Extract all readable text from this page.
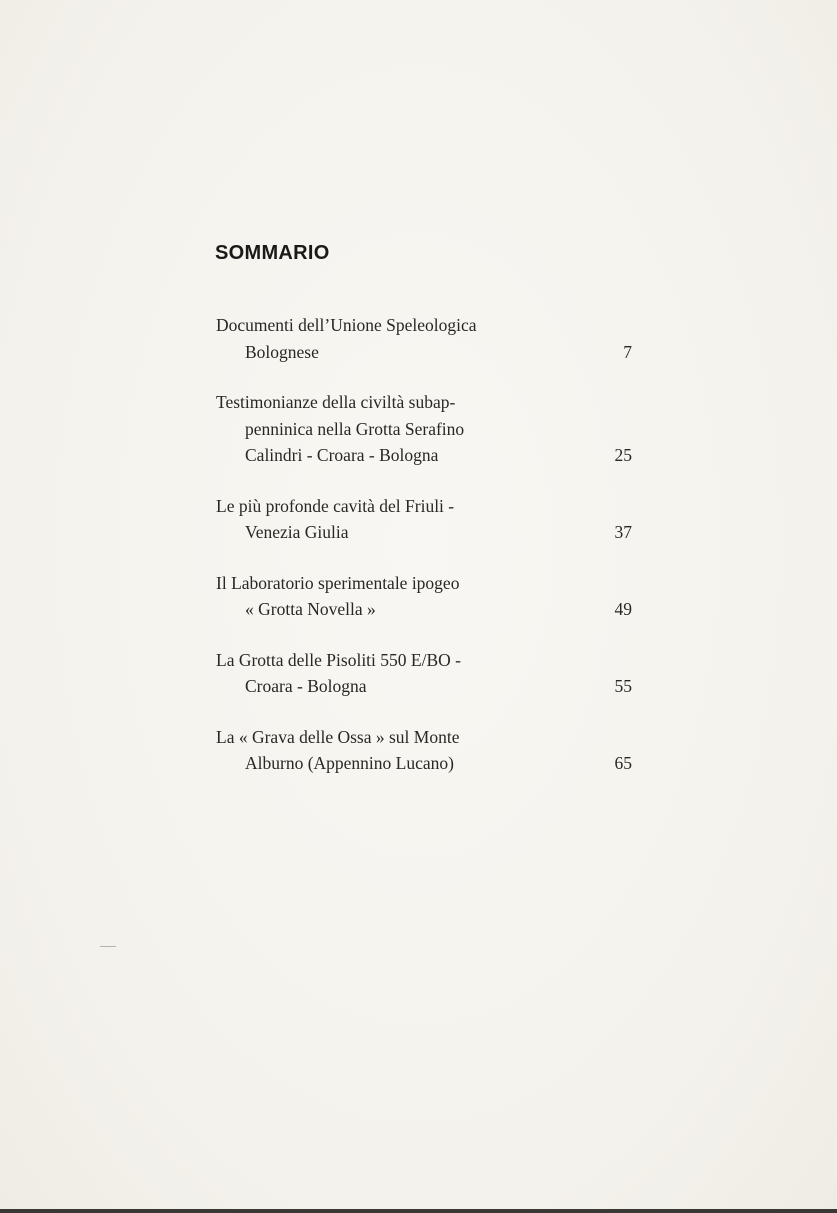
SOMMARIO
Documenti dell’Unione Speleologica
Bolognese	7
Testimonianze della civiltà subap-
penninica nella Grotta Serafino
Calindri - Croara - Bologna	25
Le più profonde cavità del Friuli -
Venezia Giulia	37
Il Laboratorio sperimentale ipogeo
« Grotta Novella »	49
La Grotta delle Pisoliti 550 E/BO -
Croara - Bologna	55
La « Grava delle Ossa » sul Monte
Alburno (Appennino Lucano)	65
